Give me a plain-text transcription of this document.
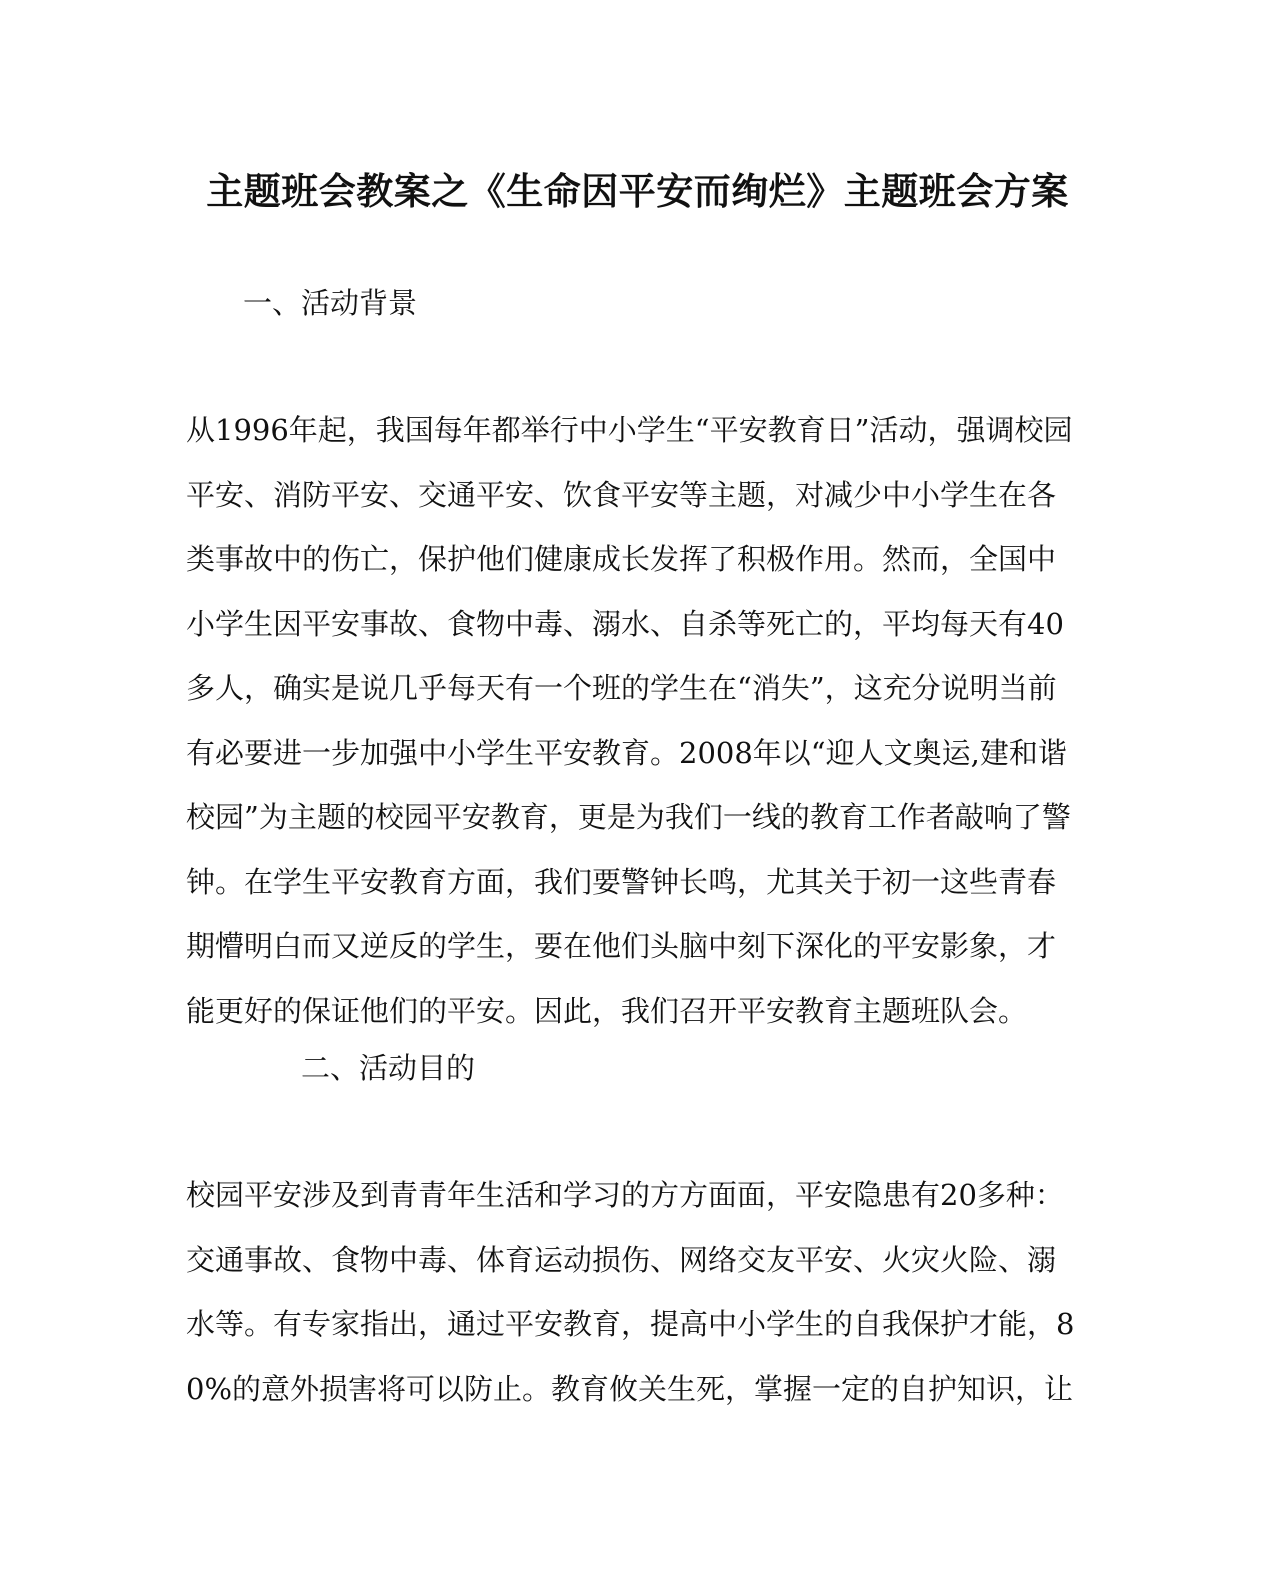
主题班会教案之《生命因平安而绚烂》主题班会方案
一、活动背景
从1996年起，我国每年都举行中小学生“平安教育日”活动，强调校园
平安、消防平安、交通平安、饮食平安等主题，对减少中小学生在各
类事故中的伤亡，保护他们健康成长发挥了积极作用。然而，全国中
小学生因平安事故、食物中毒、溺水、自杀等死亡的，平均每天有40
多人，确实是说几乎每天有一个班的学生在“消失”，这充分说明当前
有必要进一步加强中小学生平安教育。2008年以“迎人文奥运,建和谐
校园”为主题的校园平安教育，更是为我们一线的教育工作者敲响了警
钟。在学生平安教育方面，我们要警钟长鸣，尤其关于初一这些青春
期懵明白而又逆反的学生，要在他们头脑中刻下深化的平安影象，才
能更好的保证他们的平安。因此，我们召开平安教育主题班队会。
二、活动目的
校园平安涉及到青青年生活和学习的方方面面，平安隐患有20多种：
交通事故、食物中毒、体育运动损伤、网络交友平安、火灾火险、溺
水等。有专家指出，通过平安教育，提高中小学生的自我保护才能，8
0%的意外损害将可以防止。教育攸关生死，掌握一定的自护知识，让
